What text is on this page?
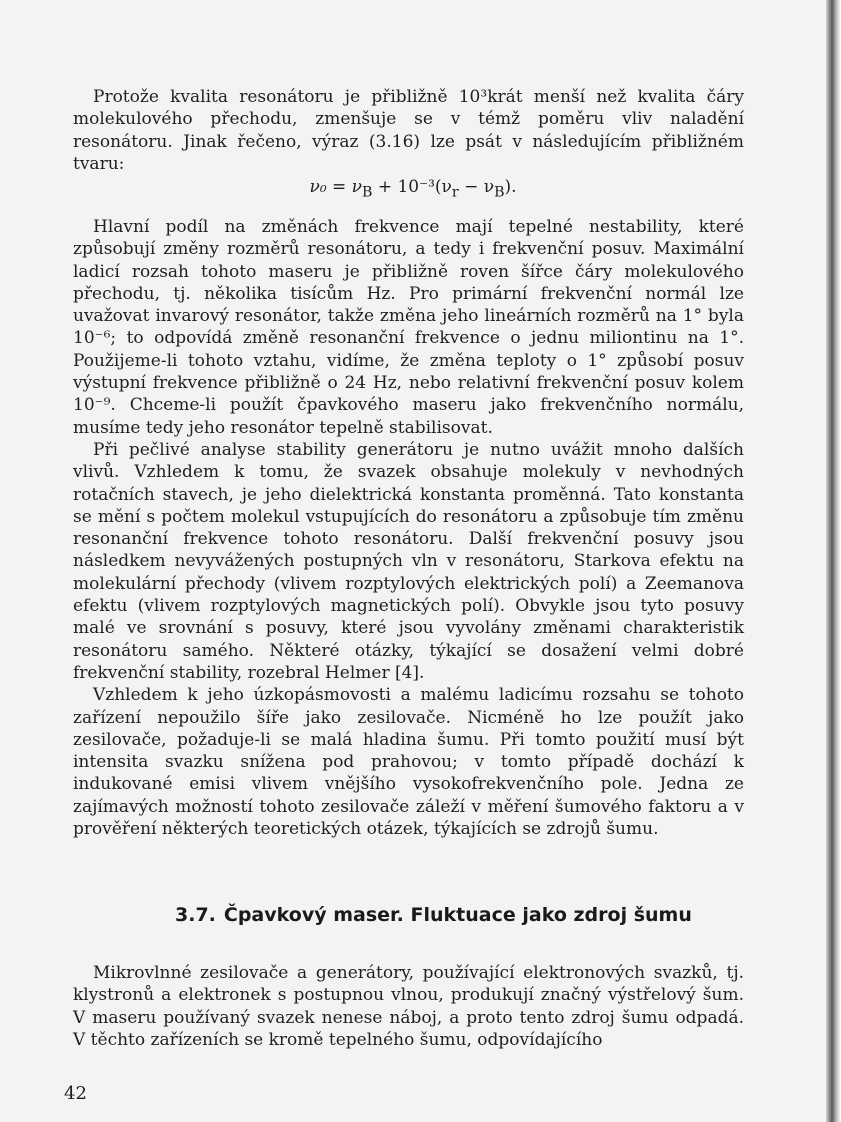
Protože kvalita resonátoru je přibližně 10³krát menší než kvalita čáry molekulového přechodu, zmenšuje se v témž poměru vliv naladění resonátoru. Jinak řečeno, výraz (3.16) lze psát v následujícím přibližném tvaru:

$\nu_0 = \nu_B + 10^{-3}(\nu_r - \nu_B)$.

Hlavní podíl na změnách frekvence mají tepelné nestability, které způsobují změny rozměrů resonátoru, a tedy i frekvenční posuv. Maximální ladicí rozsah tohoto maseru je přibližně roven šířce čáry molekulového přechodu, tj. několika tisícům Hz. Pro primární frekvenční normál lze uvažovat invarový resonátor, takže změna jeho lineárních rozměrů na 1° byla 10⁻⁶; to odpovídá změně resonanční frekvence o jednu miliontinu na 1°. Použijeme-li tohoto vztahu, vidíme, že změna teploty o 1° způsobí posuv výstupní frekvence přibližně o 24 Hz, nebo relativní frekvenční posuv kolem 10⁻⁹. Chceme-li použít čpavkového maseru jako frekvenčního normálu, musíme tedy jeho resonátor tepelně stabilisovat.

Při pečlivé analyse stability generátoru je nutno uvážit mnoho dalších vlivů. Vzhledem k tomu, že svazek obsahuje molekuly v nevhodných rotačních stavech, je jeho dielektrická konstanta proměnná. Tato konstanta se mění s počtem molekul vstupujících do resonátoru a způsobuje tím změnu resonanční frekvence tohoto resonátoru. Další frekvenční posuvy jsou následkem nevyvážených postupných vln v resonátoru, Starkova efektu na molekulární přechody (vlivem rozptylových elektrických polí) a Zeemanova efektu (vlivem rozptylových magnetických polí). Obvykle jsou tyto posuvy malé ve srovnání s posuvy, které jsou vyvolány změnami charakteristik resonátoru samého. Některé otázky, týkající se dosažení velmi dobré frekvenční stability, rozebral Helmer [4].

Vzhledem k jeho úzkopásmovosti a malému ladicímu rozsahu se tohoto zařízení nepoužilo šíře jako zesilovače. Nicméně ho lze použít jako zesilovače, požaduje-li se malá hladina šumu. Při tomto použití musí být intensita svazku snížena pod prahovou; v tomto případě dochází k indukované emisi vlivem vnějšího vysokofrekvenčního pole. Jedna ze zajímavých možností tohoto zesilovače záleží v měření šumového faktoru a v prověření některých teoretických otázek, týkajících se zdrojů šumu.

3.7. Čpavkový maser. Fluktuace jako zdroj šumu

Mikrovlnné zesilovače a generátory, používající elektronových svazků, tj. klystronů a elektronek s postupnou vlnou, produkují značný výstřelový šum. V maseru používaný svazek nenese náboj, a proto tento zdroj šumu odpadá. V těchto zařízeních se kromě tepelného šumu, odpovídajícího

42
